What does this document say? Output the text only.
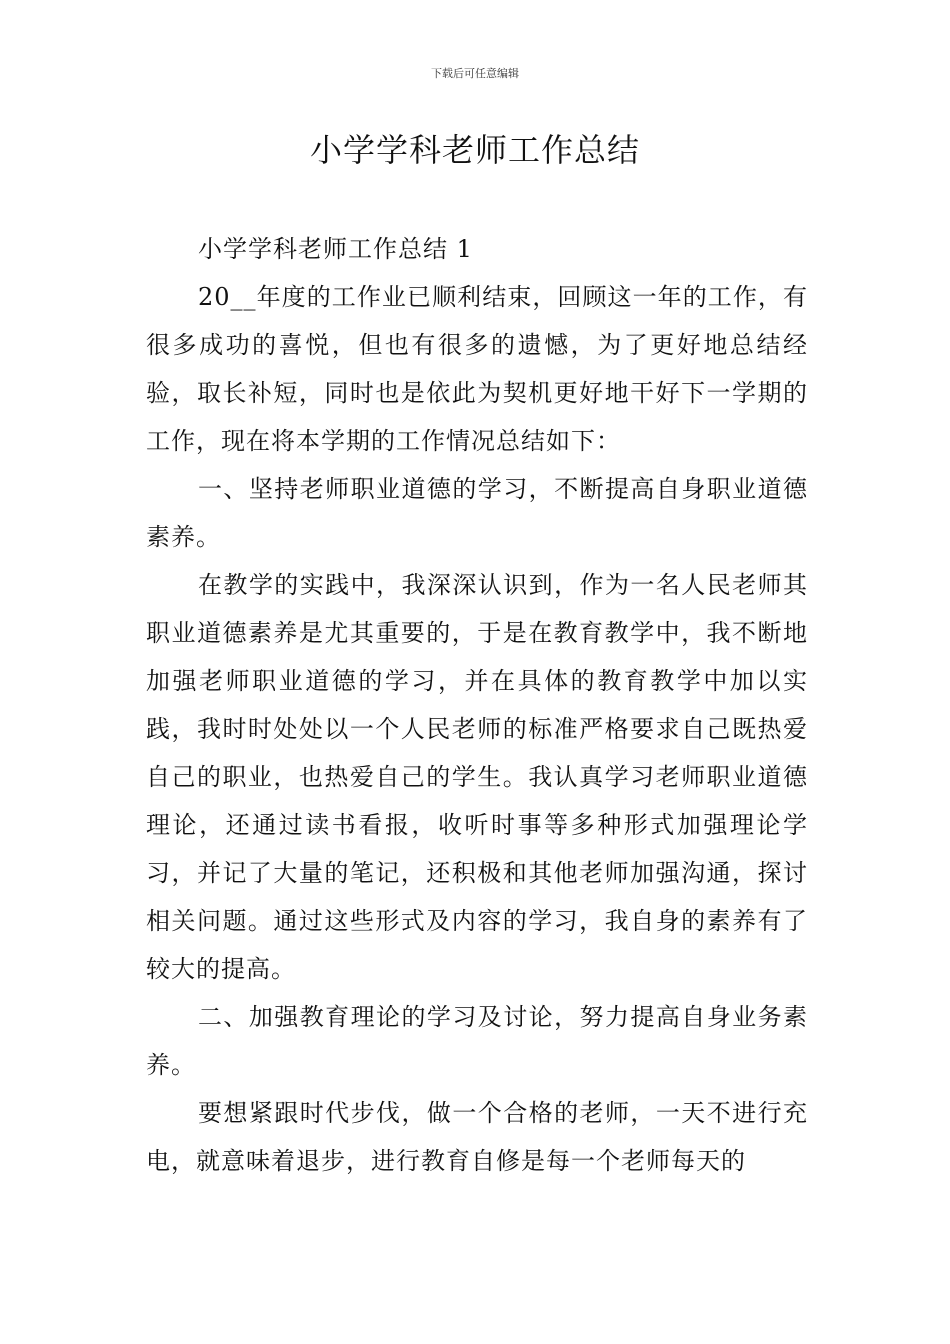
下载后可任意编辑
小学学科老师工作总结

小学学科老师工作总结 1

20__年度的工作业已顺利结束，回顾这一年的工作，有很多成功的喜悦，但也有很多的遗憾，为了更好地总结经验，取长补短，同时也是依此为契机更好地干好下一学期的工作，现在将本学期的工作情况总结如下：

一、坚持老师职业道德的学习，不断提高自身职业道德素养。

在教学的实践中，我深深认识到，作为一名人民老师其职业道德素养是尤其重要的，于是在教育教学中，我不断地加强老师职业道德的学习，并在具体的教育教学中加以实践，我时时处处以一个人民老师的标准严格要求自己既热爱自己的职业，也热爱自己的学生。我认真学习老师职业道德理论，还通过读书看报，收听时事等多种形式加强理论学习，并记了大量的笔记，还积极和其他老师加强沟通，探讨相关问题。通过这些形式及内容的学习，我自身的素养有了较大的提高。

二、加强教育理论的学习及讨论，努力提高自身业务素养。

要想紧跟时代步伐，做一个合格的老师，一天不进行充电，就意味着退步，进行教育自修是每一个老师每天的
